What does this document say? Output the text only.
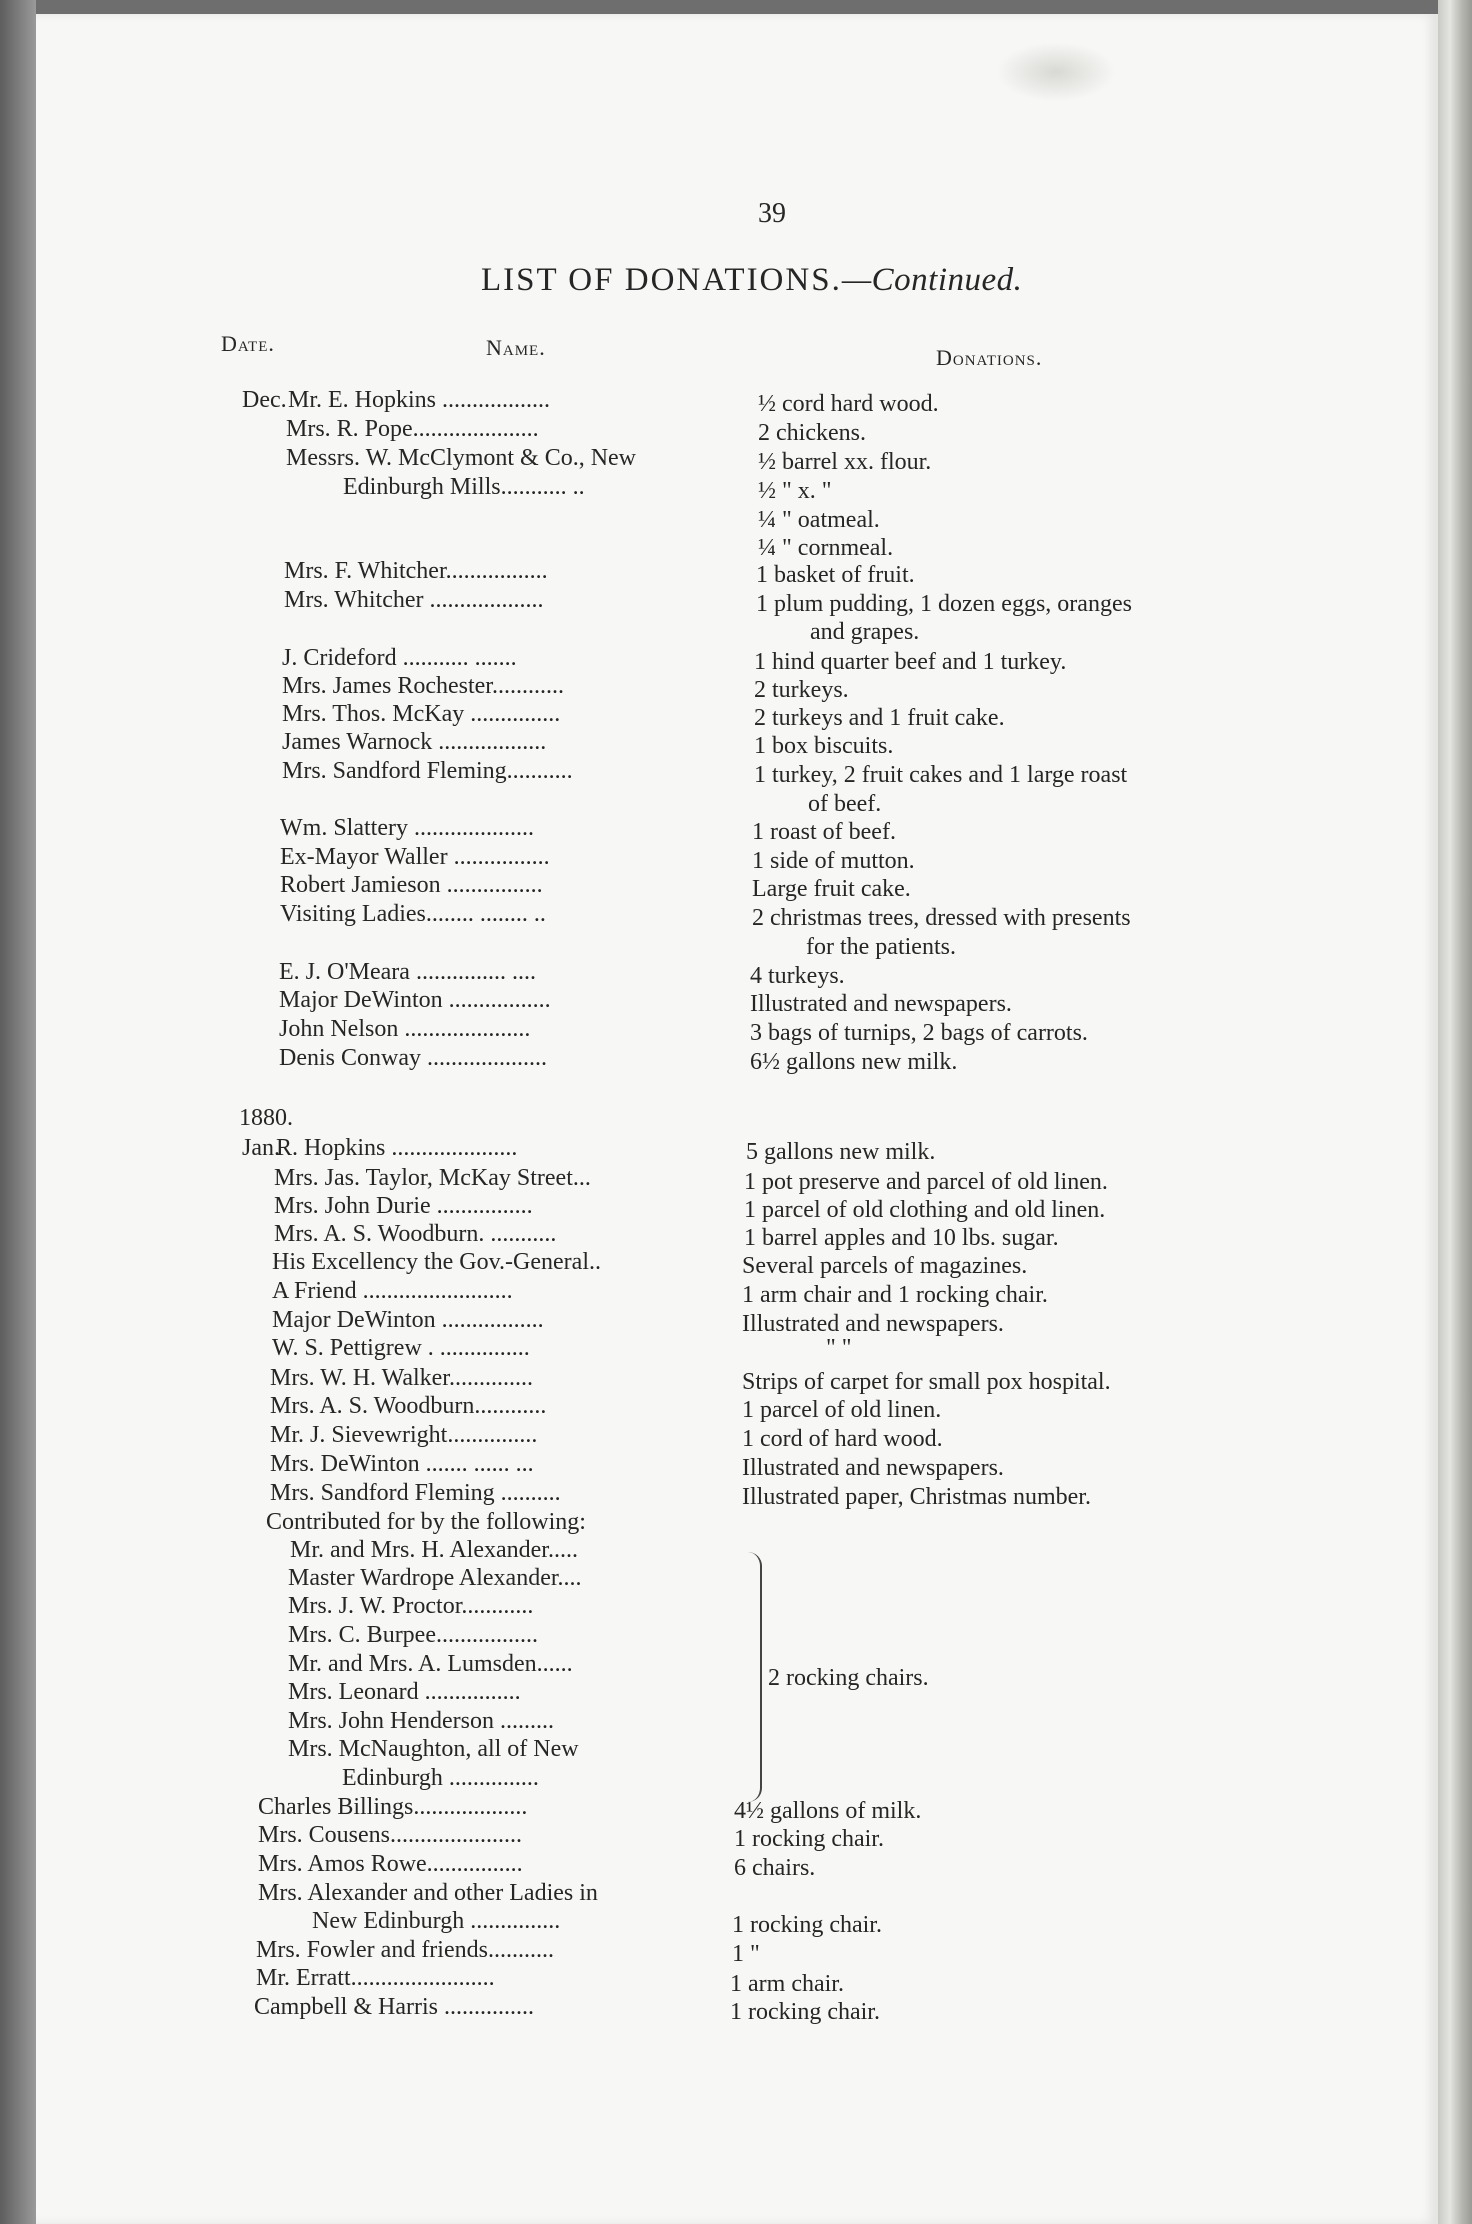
39
LIST OF DONATIONS.—Continued.
Date.	Name.	Donations.
Dec.
1880.
Jan.
Mr. E. Hopkins ..................
Mrs. R. Pope.....................
Messrs. W. McClymont & Co., New
Edinburgh Mills........... ..
Mrs. F. Whitcher.................
Mrs. Whitcher ...................
J. Crideford ........... .......
Mrs. James Rochester............
Mrs. Thos. McKay ...............
James Warnock ..................
Mrs. Sandford Fleming...........
Wm. Slattery ....................
Ex-Mayor Waller ................
Robert Jamieson ................
Visiting Ladies........ ........ ..
E. J. O'Meara ............... ....
Major DeWinton .................
John Nelson .....................
Denis Conway ....................
R. Hopkins .....................
Mrs. Jas. Taylor, McKay Street...
Mrs. John Durie ................
Mrs. A. S. Woodburn. ...........
His Excellency the Gov.-General..
A Friend .........................
Major DeWinton .................
W. S. Pettigrew . ...............
Mrs. W. H. Walker..............
Mrs. A. S. Woodburn............
Mr. J. Sievewright...............
Mrs. DeWinton ....... ...... ...
Mrs. Sandford Fleming ..........
Contributed for by the following:
Mr. and Mrs. H. Alexander.....
Master Wardrope Alexander....
Mrs. J. W. Proctor............
Mrs. C. Burpee.................
Mr. and Mrs. A. Lumsden......
Mrs. Leonard ................
Mrs. John Henderson .........
Mrs. McNaughton, all of New
Edinburgh ...............
Charles Billings...................
Mrs. Cousens......................
Mrs. Amos Rowe................
Mrs. Alexander and other Ladies in
New Edinburgh ...............
Mrs. Fowler and friends...........
Mr. Erratt........................
Campbell & Harris ...............
½ cord hard wood.
2 chickens.
½ barrel xx. flour.
½ " x. "
¼ " oatmeal.
¼ " cornmeal.
1 basket of fruit.
1 plum pudding, 1 dozen eggs, oranges
and grapes.
1 hind quarter beef and 1 turkey.
2 turkeys.
2 turkeys and 1 fruit cake.
1 box biscuits.
1 turkey, 2 fruit cakes and 1 large roast
of beef.
1 roast of beef.
1 side of mutton.
Large fruit cake.
2 christmas trees, dressed with presents
for the patients.
4 turkeys.
Illustrated and newspapers.
3 bags of turnips, 2 bags of carrots.
6½ gallons new milk.
5 gallons new milk.
1 pot preserve and parcel of old linen.
1 parcel of old clothing and old linen.
1 barrel apples and 10 lbs. sugar.
Several parcels of magazines.
1 arm chair and 1 rocking chair.
Illustrated and newspapers.
" "
Strips of carpet for small pox hospital.
1 parcel of old linen.
1 cord of hard wood.
Illustrated and newspapers.
Illustrated paper, Christmas number.
2 rocking chairs.
4½ gallons of milk.
1 rocking chair.
6 chairs.
1 rocking chair.
1 "
1 arm chair.
1 rocking chair.
